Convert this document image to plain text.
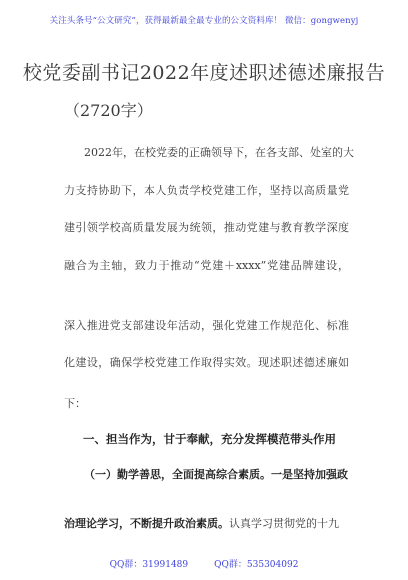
关注头条号“公文研究”，获得最新最全最专业的公文资料库！ 微信：gongwenyj
校党委副书记2022年度述职述德述廉报告
（2720字）
2022年，在校党委的正确领导下，在各支部、处室的大
力支持协助下，本人负责学校党建工作，坚持以高质量党
建引领学校高质量发展为统领，推动党建与教育教学深度
融合为主轴，致力于推动“党建＋xxxx”党建品牌建设，
深入推进党支部建设年活动，强化党建工作规范化、标准
化建设，确保学校党建工作取得实效。现述职述德述廉如
下：
一、担当作为，甘于奉献，充分发挥模范带头作用
（一）勤学善思，全面提高综合素质。一是坚持加强政
治理论学习，不断提升政治素质。认真学习贯彻党的十九
QQ群：31991489	QQ群：535304092
